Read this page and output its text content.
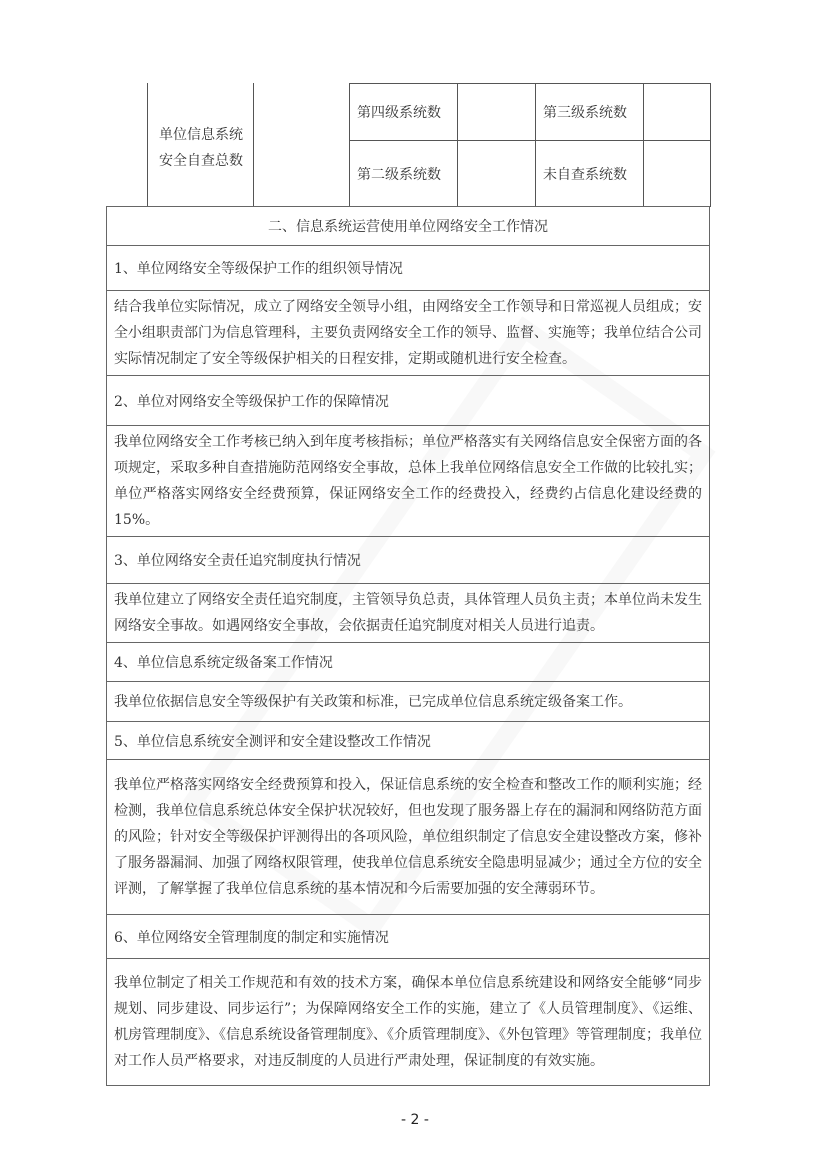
单位信息系统
安全自查总数
第四级系统数		第三级系统数	
第二级系统数		未自查系统数	
二、信息系统运营使用单位网络安全工作情况
1、单位网络安全等级保护工作的组织领导情况
结合我单位实际情况，成立了网络安全领导小组，由网络安全工作领导和日常巡视人员组成；安全小组职责部门为信息管理科，主要负责网络安全工作的领导、监督、实施等；我单位结合公司实际情况制定了安全等级保护相关的日程安排，定期或随机进行安全检查。
2、单位对网络安全等级保护工作的保障情况
我单位网络安全工作考核已纳入到年度考核指标；单位严格落实有关网络信息安全保密方面的各项规定，采取多种自查措施防范网络安全事故，总体上我单位网络信息安全工作做的比较扎实；单位严格落实网络安全经费预算，保证网络安全工作的经费投入，经费约占信息化建设经费的 15%。
3、单位网络安全责任追究制度执行情况
我单位建立了网络安全责任追究制度，主管领导负总责，具体管理人员负主责；本单位尚未发生网络安全事故。如遇网络安全事故，会依据责任追究制度对相关人员进行追责。
4、单位信息系统定级备案工作情况
我单位依据信息安全等级保护有关政策和标准，已完成单位信息系统定级备案工作。
5、单位信息系统安全测评和安全建设整改工作情况
我单位严格落实网络安全经费预算和投入，保证信息系统的安全检查和整改工作的顺利实施；经检测，我单位信息系统总体安全保护状况较好，但也发现了服务器上存在的漏洞和网络防范方面的风险；针对安全等级保护评测得出的各项风险，单位组织制定了信息安全建设整改方案，修补了服务器漏洞、加强了网络权限管理，使我单位信息系统安全隐患明显减少；通过全方位的安全评测，了解掌握了我单位信息系统的基本情况和今后需要加强的安全薄弱环节。
6、单位网络安全管理制度的制定和实施情况
我单位制定了相关工作规范和有效的技术方案，确保本单位信息系统建设和网络安全能够“同步规划、同步建设、同步运行”；为保障网络安全工作的实施，建立了《人员管理制度》、《运维、机房管理制度》、《信息系统设备管理制度》、《介质管理制度》、《外包管理》等管理制度；我单位对工作人员严格要求，对违反制度的人员进行严肃处理，保证制度的有效实施。
- 2 -
